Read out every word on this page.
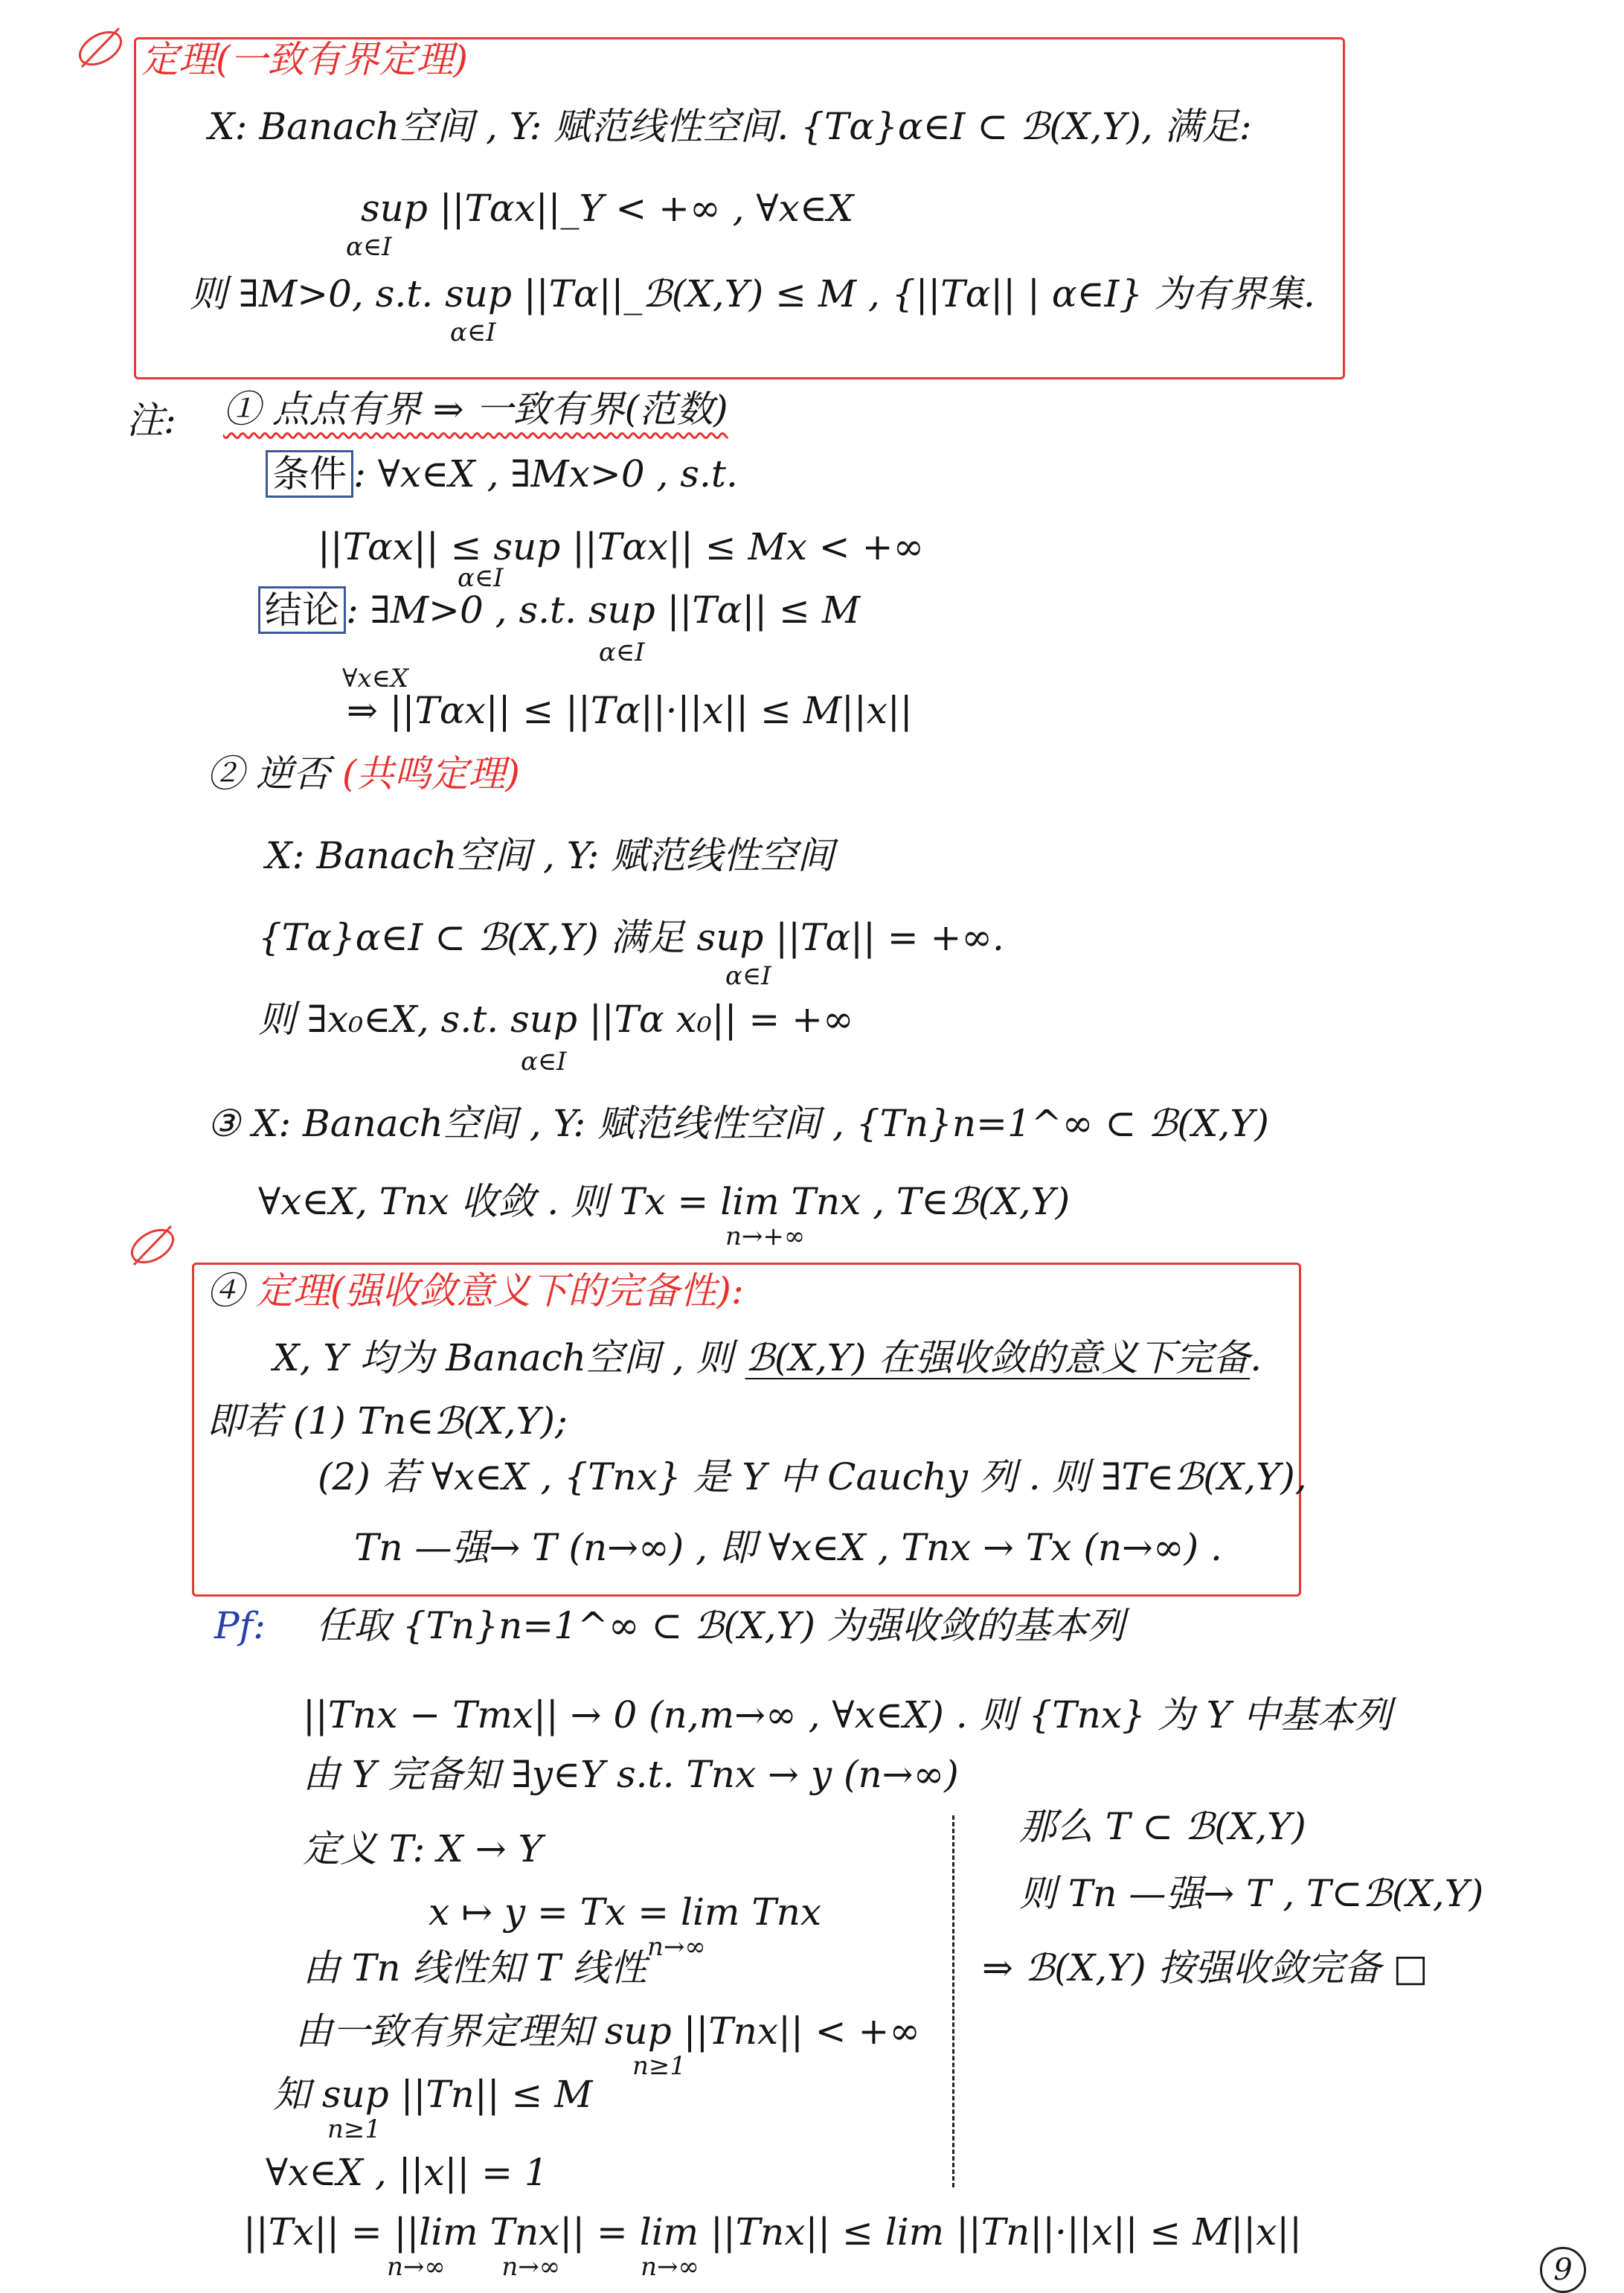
定理(一致有界定理)
X: Banach空间 , Y: 赋范线性空间. {Tα}α∈I ⊂ ℬ(X,Y), 满足:
sup ||Tαx||_Y < +∞ , ∀x∈X
α∈I
则 ∃M>0, s.t. sup ||Tα||_ℬ(X,Y) ≤ M , {||Tα|| | α∈I} 为有界集.
α∈I
注: ① 点点有界 ⇒ 一致有界(范数)
条件 : ∀x∈X , ∃Mx>0 , s.t.
||Tαx|| ≤ sup ||Tαx|| ≤ Mx < +∞
α∈I
结论 : ∃M>0 , s.t. sup ||Tα|| ≤ M
α∈I
∀x∈X
⇒ ||Tαx|| ≤ ||Tα||·||x|| ≤ M||x||
② 逆否 (共鸣定理)
X: Banach空间 , Y: 赋范线性空间
{Tα}α∈I ⊂ ℬ(X,Y) 满足 sup ||Tα|| = +∞.
α∈I
则 ∃x₀∈X, s.t. sup ||Tα x₀|| = +∞
α∈I
③ X: Banach空间 , Y: 赋范线性空间 , {Tn}n=1^∞ ⊂ ℬ(X,Y)
∀x∈X, Tnx 收敛 . 则 Tx = lim Tnx , T∈ℬ(X,Y)
n→+∞
④ 定理(强收敛意义下的完备性):
X, Y 均为 Banach空间 , 则 ℬ(X,Y) 在强收敛的意义下完备.
即若 (1) Tn∈ℬ(X,Y);
(2) 若 ∀x∈X , {Tnx} 是 Y 中 Cauchy 列 . 则 ∃T∈ℬ(X,Y),
Tn —强→ T (n→∞) , 即 ∀x∈X , Tnx → Tx (n→∞) .
Pf: 任取 {Tn}n=1^∞ ⊂ ℬ(X,Y) 为强收敛的基本列
||Tnx − Tmx|| → 0 (n,m→∞ , ∀x∈X) . 则 {Tnx} 为 Y 中基本列
由 Y 完备知 ∃y∈Y s.t. Tnx → y (n→∞)
定义 T: X → Y
x ↦ y = Tx = lim Tnx
n→∞
由 Tn 线性知 T 线性
由一致有界定理知 sup ||Tnx|| < +∞
n≥1
知 sup ||Tn|| ≤ M
n≥1
∀x∈X , ||x|| = 1
||Tx|| = ||lim Tnx|| = lim ||Tnx|| ≤ lim ||Tn||·||x|| ≤ M||x||
n→∞       n→∞          n→∞
那么 T ⊂ ℬ(X,Y)
则 Tn —强→ T , T⊂ℬ(X,Y)
⇒ ℬ(X,Y) 按强收敛完备 □
9
